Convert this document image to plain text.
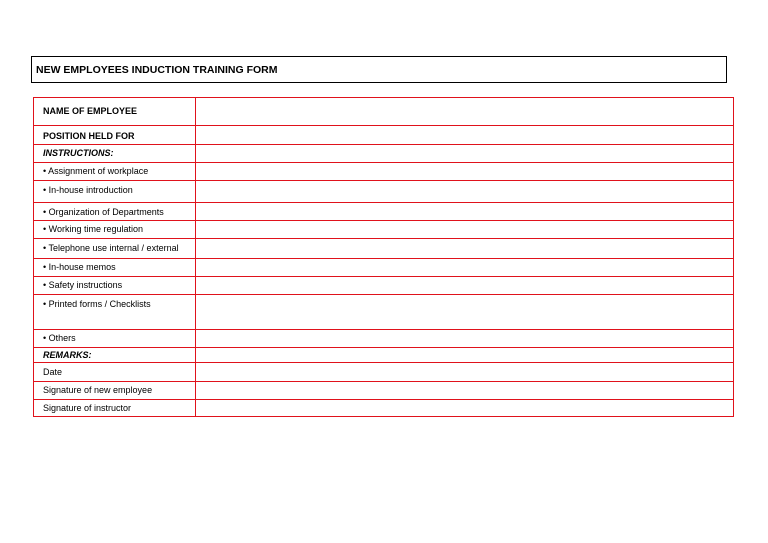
NEW EMPLOYEES INDUCTION TRAINING FORM
NAME OF EMPLOYEE	
POSITION HELD FOR	
INSTRUCTIONS:	
• Assignment of workplace	
• In-house introduction	
• Organization of Departments	
• Working time regulation	
• Telephone use internal / external	
• In-house memos	
• Safety instructions	
• Printed forms / Checklists	
• Others	
REMARKS:	
Date	
Signature of new employee	
Signature of instructor	
